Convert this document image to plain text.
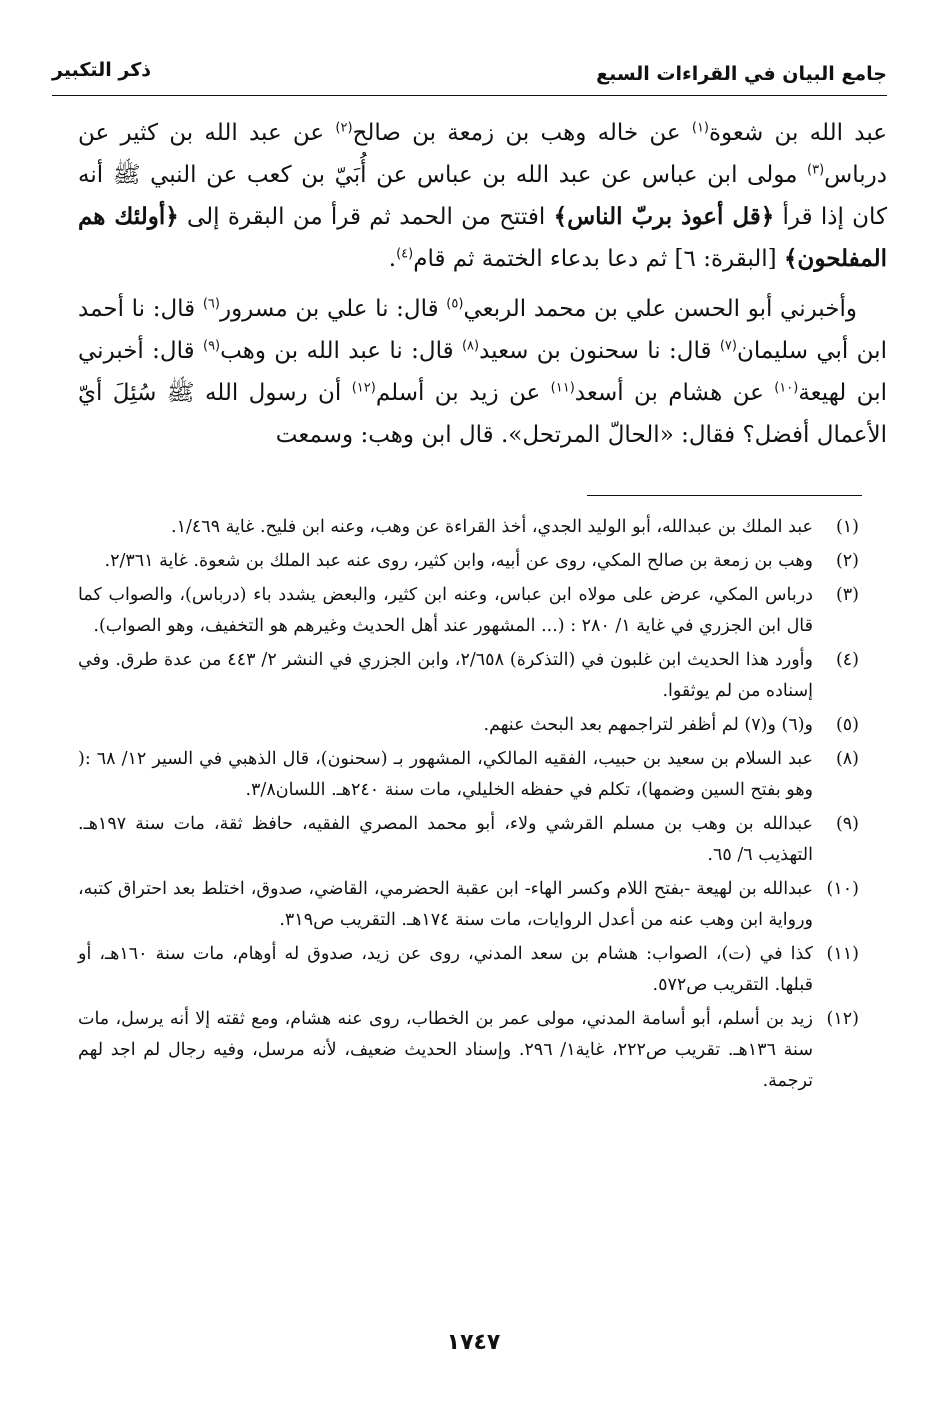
جامع البيان في القراءات السبع
ذكر التكبير

عبد الله بن شعوة$^{(١)}$ عن خاله وهب بن زمعة بن صالح$^{(٢)}$ عن عبد الله بن كثير عن درباس$^{(٣)}$ مولى ابن عباس عن عبد الله بن عباس عن أُبَيّ بن كعب عن النبي ﷺ أنه كان إذا قرأ ﴿قل أعوذ بربّ الناس﴾ افتتح من الحمد ثم قرأ من البقرة إلى ﴿أولئك هم المفلحون﴾ [البقرة: ٦] ثم دعا بدعاء الختمة ثم قام$^{(٤)}$.

وأخبرني أبو الحسن علي بن محمد الربعي$^{(٥)}$ قال: نا علي بن مسرور$^{(٦)}$ قال: نا أحمد ابن أبي سليمان$^{(٧)}$ قال: نا سحنون بن سعيد$^{(٨)}$ قال: نا عبد الله بن وهب$^{(٩)}$ قال: أخبرني ابن لهيعة$^{(١٠)}$ عن هشام بن أسعد$^{(١١)}$ عن زيد بن أسلم$^{(١٢)}$ أن رسول الله ﷺ سُئِلَ أيّ الأعمال أفضل؟ فقال: «الحالّ المرتحل». قال ابن وهب: وسمعت

(١)
عبد الملك بن عبدالله، أبو الوليد الجدي، أخذ القراءة عن وهب، وعنه ابن فليح. غاية ١/٤٦٩.
(٢)
وهب بن زمعة بن صالح المكي، روى عن أبيه، وابن كثير، روى عنه عبد الملك بن شعوة. غاية ٢/٣٦١.
(٣)
درباس المكي، عرض على مولاه ابن عباس، وعنه ابن كثير، والبعض يشدد باء (درباس)، والصواب كما قال ابن الجزري في غاية ١/ ٢٨٠ : (... المشهور عند أهل الحديث وغيرهم هو التخفيف، وهو الصواب).
(٤)
وأورد هذا الحديث ابن غلبون في (التذكرة) ٢/٦٥٨، وابن الجزري في النشر ٢/ ٤٤٣ من عدة طرق. وفي إسناده من لم يوثقوا.
(٥)
و(٦) و(٧) لم أظفر لتراجمهم بعد البحث عنهم.
(٨)
عبد السلام بن سعيد بن حبيب، الفقيه المالكي، المشهور بـ (سحنون)، قال الذهبي في السير ١٢/ ٦٨ :( وهو بفتح السين وضمها)، تكلم في حفظه الخليلي، مات سنة ٢٤٠هـ. اللسان٣/٨.
(٩)
عبدالله بن وهب بن مسلم القرشي ولاء، أبو محمد المصري الفقيه، حافظ ثقة، مات سنة ١٩٧هـ. التهذيب ٦/ ٦٥.
(١٠)
عبدالله بن لهيعة -بفتح اللام وكسر الهاء- ابن عقبة الحضرمي، القاضي، صدوق، اختلط بعد احتراق كتبه، ورواية ابن وهب عنه من أعدل الروايات، مات سنة ١٧٤هـ. التقريب ص٣١٩.
(١١)
كذا في (ت)، الصواب: هشام بن سعد المدني، روى عن زيد، صدوق له أوهام، مات سنة ١٦٠هـ، أو قبلها. التقريب ص٥٧٢.
(١٢)
زيد بن أسلم، أبو أسامة المدني، مولى عمر بن الخطاب، روى عنه هشام، ومع ثقته إلا أنه يرسل، مات سنة ١٣٦هـ. تقريب ص٢٢٢، غاية١/ ٢٩٦. وإسناد الحديث ضعيف، لأنه مرسل، وفيه رجال لم اجد لهم ترجمة.
١٧٤٧
